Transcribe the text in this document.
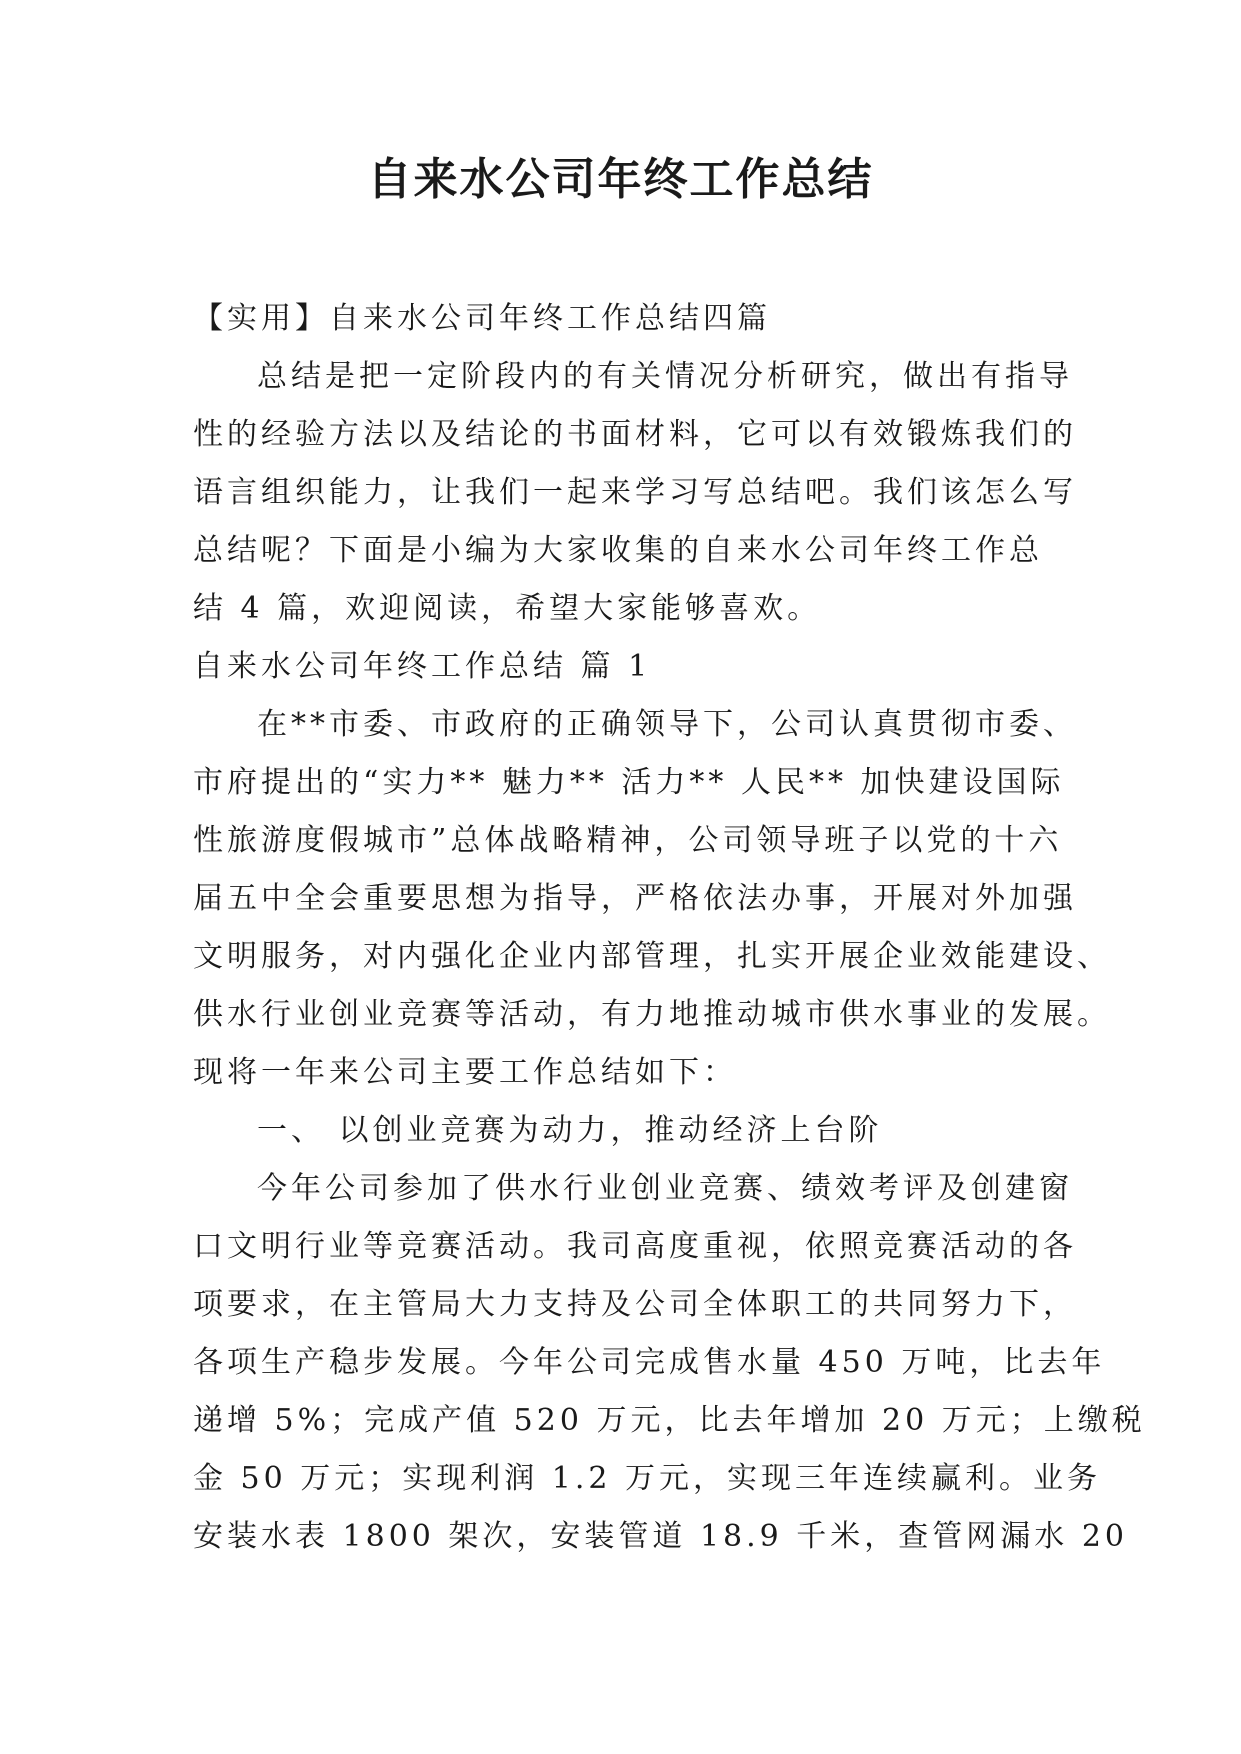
自来水公司年终工作总结
【实用】自来水公司年终工作总结四篇
总结是把一定阶段内的有关情况分析研究，做出有指导
性的经验方法以及结论的书面材料，它可以有效锻炼我们的
语言组织能力，让我们一起来学习写总结吧。我们该怎么写
总结呢？下面是小编为大家收集的自来水公司年终工作总
结 4 篇，欢迎阅读，希望大家能够喜欢。
自来水公司年终工作总结 篇 1
在**市委、市政府的正确领导下，公司认真贯彻市委、
市府提出的“实力** 魅力** 活力** 人民** 加快建设国际
性旅游度假城市”总体战略精神，公司领导班子以党的十六
届五中全会重要思想为指导，严格依法办事，开展对外加强
文明服务，对内强化企业内部管理，扎实开展企业效能建设、
供水行业创业竞赛等活动，有力地推动城市供水事业的发展。
现将一年来公司主要工作总结如下：
一、 以创业竞赛为动力，推动经济上台阶
今年公司参加了供水行业创业竞赛、绩效考评及创建窗
口文明行业等竞赛活动。我司高度重视，依照竞赛活动的各
项要求，在主管局大力支持及公司全体职工的共同努力下，
各项生产稳步发展。今年公司完成售水量 450 万吨，比去年
递增 5%；完成产值 520 万元，比去年增加 20 万元；上缴税
金 50 万元；实现利润 1.2 万元，实现三年连续赢利。业务
安装水表 1800 架次，安装管道 18.9 千米，查管网漏水 20
